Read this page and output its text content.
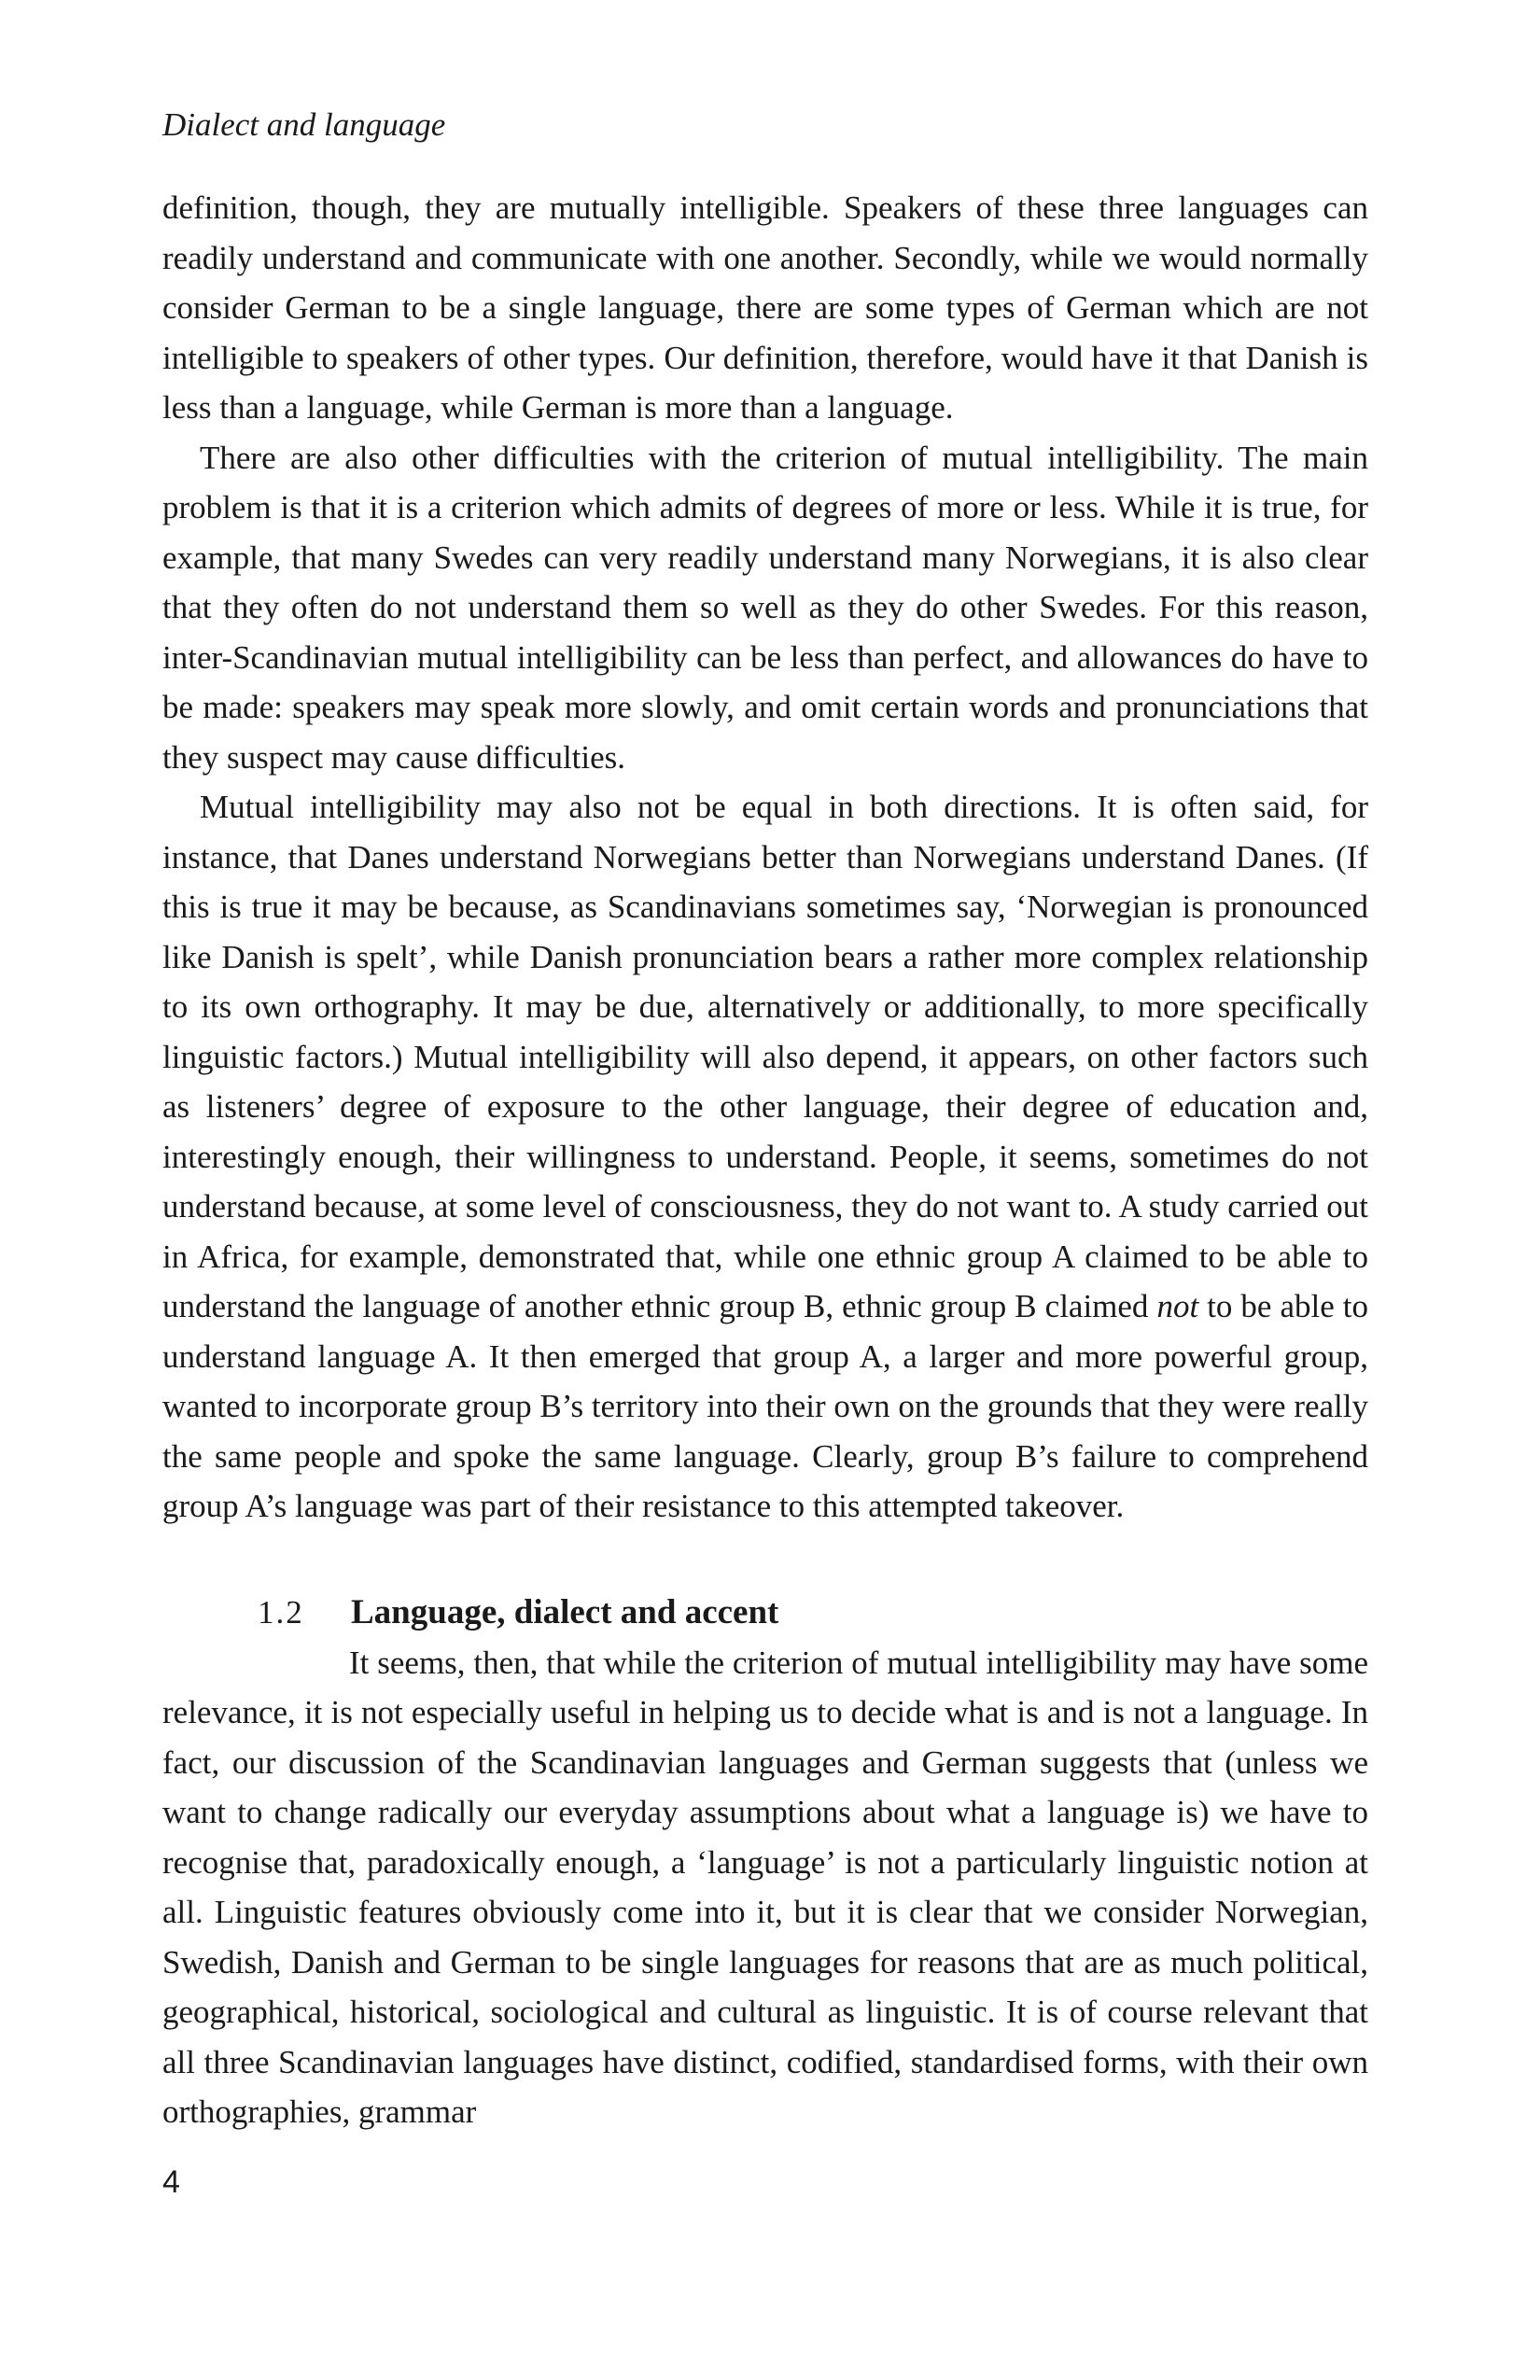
Dialect and language

definition, though, they are mutually intelligible. Speakers of these three languages can readily understand and communicate with one another. Secondly, while we would normally consider German to be a single language, there are some types of German which are not intelligible to speakers of other types. Our definition, therefore, would have it that Danish is less than a language, while German is more than a language.

There are also other difficulties with the criterion of mutual intelligibility. The main problem is that it is a criterion which admits of degrees of more or less. While it is true, for example, that many Swedes can very readily understand many Norwegians, it is also clear that they often do not understand them so well as they do other Swedes. For this reason, inter-Scandinavian mutual intelligibility can be less than perfect, and allowances do have to be made: speakers may speak more slowly, and omit certain words and pronunciations that they suspect may cause difficulties.

Mutual intelligibility may also not be equal in both directions. It is often said, for instance, that Danes understand Norwegians better than Norwegians understand Danes. (If this is true it may be because, as Scandinavians sometimes say, ‘Norwegian is pronounced like Danish is spelt’, while Danish pronunciation bears a rather more complex relationship to its own orthography. It may be due, alternatively or additionally, to more specifically linguistic factors.) Mutual intelligibility will also depend, it appears, on other factors such as listeners’ degree of exposure to the other language, their degree of education and, interestingly enough, their willingness to understand. People, it seems, sometimes do not understand because, at some level of consciousness, they do not want to. A study carried out in Africa, for example, demonstrated that, while one ethnic group A claimed to be able to understand the language of another ethnic group B, ethnic group B claimed not to be able to understand language A. It then emerged that group A, a larger and more powerful group, wanted to incorporate group B’s territory into their own on the grounds that they were really the same people and spoke the same language. Clearly, group B’s failure to comprehend group A’s language was part of their resistance to this attempted takeover.

1.2 Language, dialect and accent

It seems, then, that while the criterion of mutual intelligibility may have some relevance, it is not especially useful in helping us to decide what is and is not a language. In fact, our discussion of the Scandinavian languages and German suggests that (unless we want to change radically our everyday assumptions about what a language is) we have to recognise that, paradoxically enough, a ‘language’ is not a particularly linguistic notion at all. Linguistic features obviously come into it, but it is clear that we consider Norwegian, Swedish, Danish and German to be single languages for reasons that are as much political, geographical, historical, sociological and cultural as linguistic. It is of course relevant that all three Scandinavian languages have distinct, codified, standardised forms, with their own orthographies, grammar

4
